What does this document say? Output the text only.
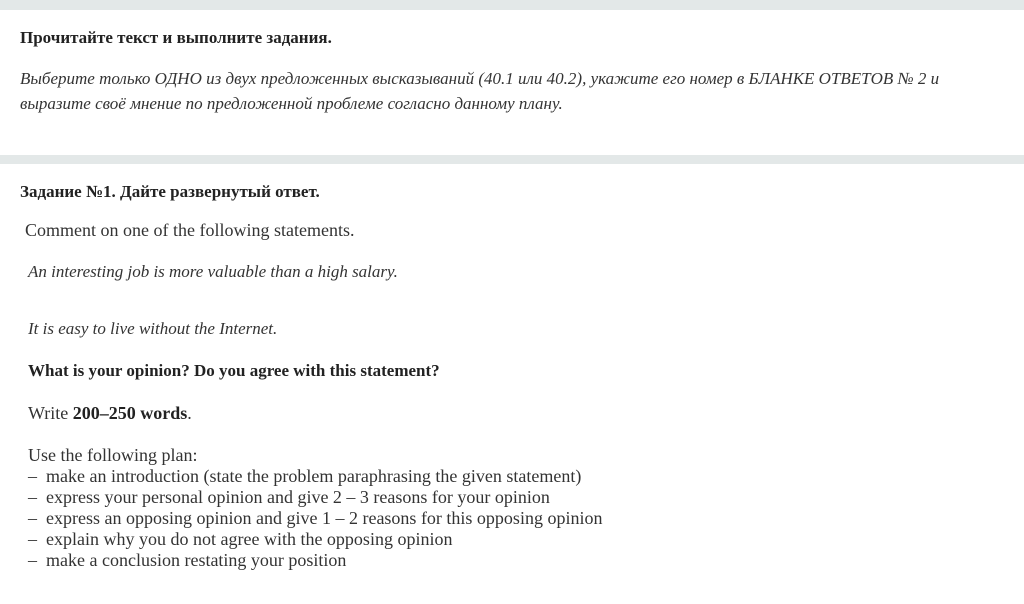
Прочитайте текст и выполните задания.
Выберите только ОДНО из двух предложенных высказываний (40.1 или 40.2), укажите его номер в БЛАНКЕ ОТВЕТОВ № 2 и выразите своё мнение по предложенной проблеме согласно данному плану.
Задание №1. Дайте развернутый ответ.
Comment on one of the following statements.
An interesting job is more valuable than a high salary.
It is easy to live without the Internet.
What is your opinion? Do you agree with this statement?
Write 200–250 words.
Use the following plan:
– make an introduction (state the problem paraphrasing the given statement)
– express your personal opinion and give 2 – 3 reasons for your opinion
– express an opposing opinion and give 1 – 2 reasons for this opposing opinion
– explain why you do not agree with the opposing opinion
– make a conclusion restating your position
